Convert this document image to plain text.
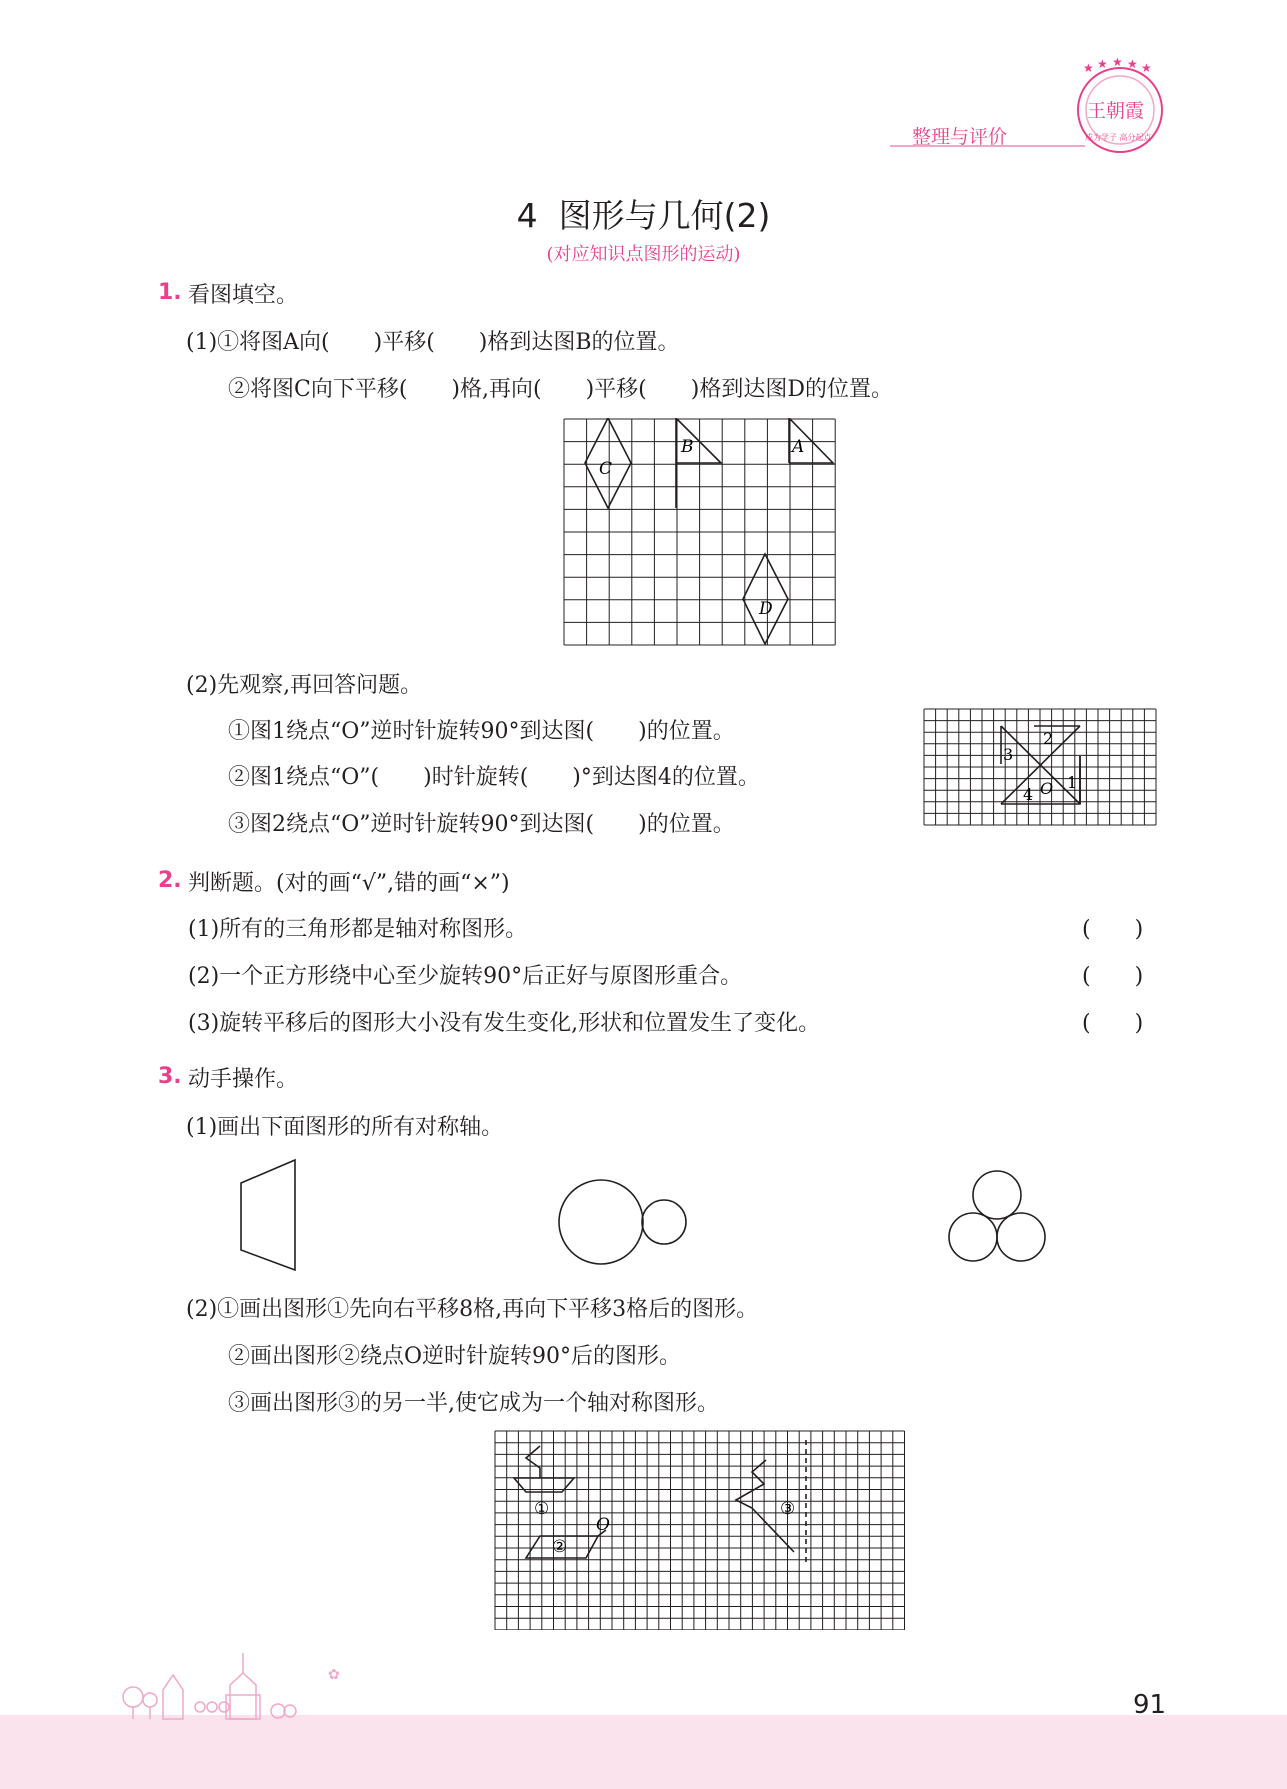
整理与评价
★ ★ ★ ★ ★
王朝霞
成为学子 高分起点
4  图形与几何(2)
(对应知识点图形的运动)
1. 看图填空。
(1)①将图A向(　　)平移(　　)格到达图B的位置。
②将图C向下平移(　　)格,再向(　　)平移(　　)格到达图D的位置。
C
B	A
D
(2)先观察,再回答问题。
①图1绕点“O”逆时针旋转90°到达图(　　)的位置。
②图1绕点“O”(　　)时针旋转(　　)°到达图4的位置。
③图2绕点“O”逆时针旋转90°到达图(　　)的位置。
1
2
3
4 O
2. 判断题。(对的画“√”,错的画“×”)
(1)所有的三角形都是轴对称图形。	(　　)
(2)一个正方形绕中心至少旋转90°后正好与原图形重合。	(　　)
(3)旋转平移后的图形大小没有发生变化,形状和位置发生了变化。	(　　)
3. 动手操作。
(1)画出下面图形的所有对称轴。
(2)①画出图形①先向右平移8格,再向下平移3格后的图形。
②画出图形②绕点O逆时针旋转90°后的图形。
③画出图形③的另一半,使它成为一个轴对称图形。
①
②
③
O
✿
91
